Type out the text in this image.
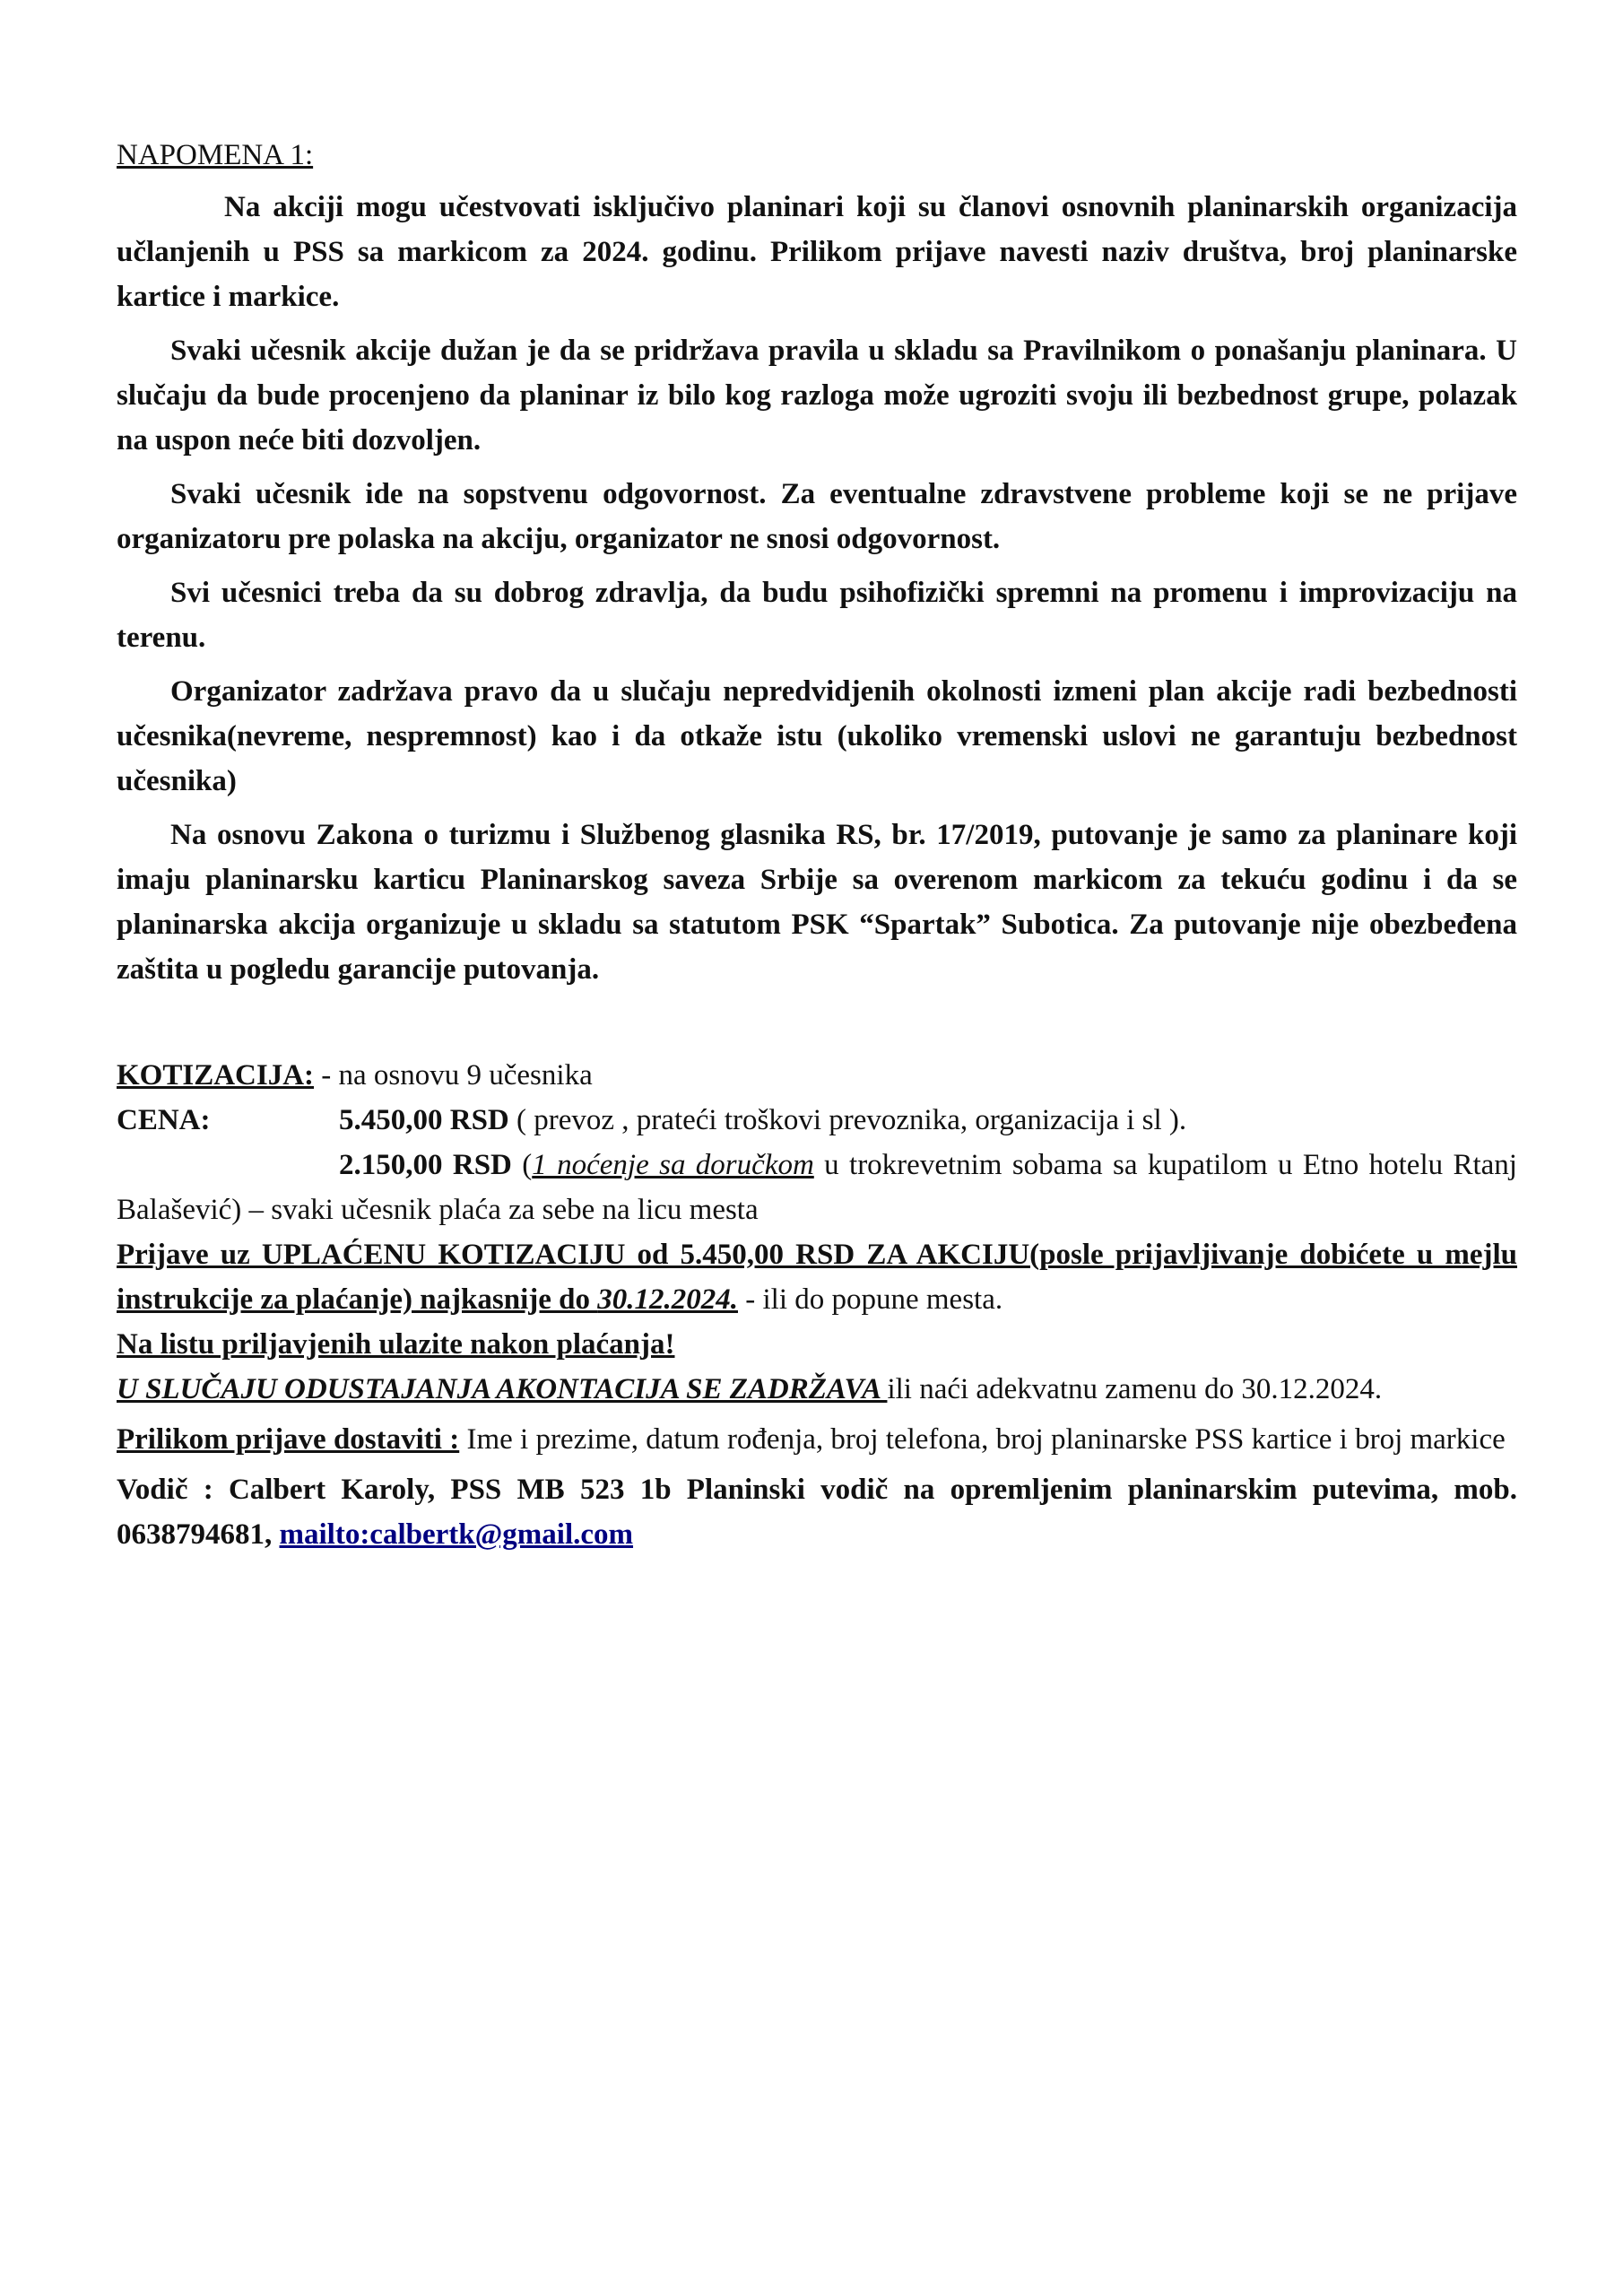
NAPOMENA 1:

Na akciji mogu učestvovati isključivo planinari koji su članovi osnovnih planinarskih organizacija učlanjenih u PSS sa markicom za 2024. godinu. Prilikom prijave navesti naziv društva, broj planinarske kartice i markice.

Svaki učesnik akcije dužan je da se pridržava pravila u skladu sa Pravilnikom o ponašanju planinara. U slučaju da bude procenjeno da planinar iz bilo kog razloga može ugroziti svoju ili bezbednost grupe, polazak na uspon neće biti dozvoljen.

Svaki učesnik ide na sopstvenu odgovornost. Za eventualne zdravstvene probleme koji se ne prijave organizatoru pre polaska na akciju, organizator ne snosi odgovornost.

Svi učesnici treba da su dobrog zdravlja, da budu psihofizički spremni na promenu i improvizaciju na terenu.

Organizator zadržava pravo da u slučaju nepredvidjenih okolnosti izmeni plan akcije radi bezbednosti učesnika(nevreme, nespremnost) kao i da otkaže istu (ukoliko vremenski uslovi ne garantuju bezbednost učesnika)

Na osnovu Zakona o turizmu i Službenog glasnika RS, br. 17/2019, putovanje je samo za planinare koji imaju planinarsku karticu Planinarskog saveza Srbije sa overenom markicom za tekuću godinu i da se planinarska akcija organizuje u skladu sa statutom PSK “Spartak” Subotica. Za putovanje nije obezbeđena zaštita u pogledu garancije putovanja.

KOTIZACIJA: - na osnovu 9 učesnika
CENA:	5.450,00 RSD ( prevoz , prateći troškovi prevoznika, organizacija i sl ).

2.150,00 RSD (1 noćenje sa doručkom u trokrevetnim sobama sa kupatilom u Etno hotelu Rtanj Balašević) – svaki učesnik plaća za sebe na licu mesta

Prijave uz UPLAĆENU KOTIZACIJU od 5.450,00 RSD ZA AKCIJU(posle prijavljivanje dobićete u mejlu instrukcije za plaćanje) najkasnije do 30.12.2024. - ili do popune mesta.

Na listu priljavjenih ulazite nakon plaćanja!

U SLUČAJU ODUSTAJANJA AKONTACIJA SE ZADRŽAVA ili naći adekvatnu zamenu do 30.12.2024.

Prilikom prijave dostaviti : Ime i prezime, datum rođenja, broj telefona, broj planinarske PSS kartice i broj markice

Vodič : Calbert Karoly, PSS MB 523 1b Planinski vodič na opremljenim planinarskim putevima, mob. 0638794681, mailto:calbertk@gmail.com
